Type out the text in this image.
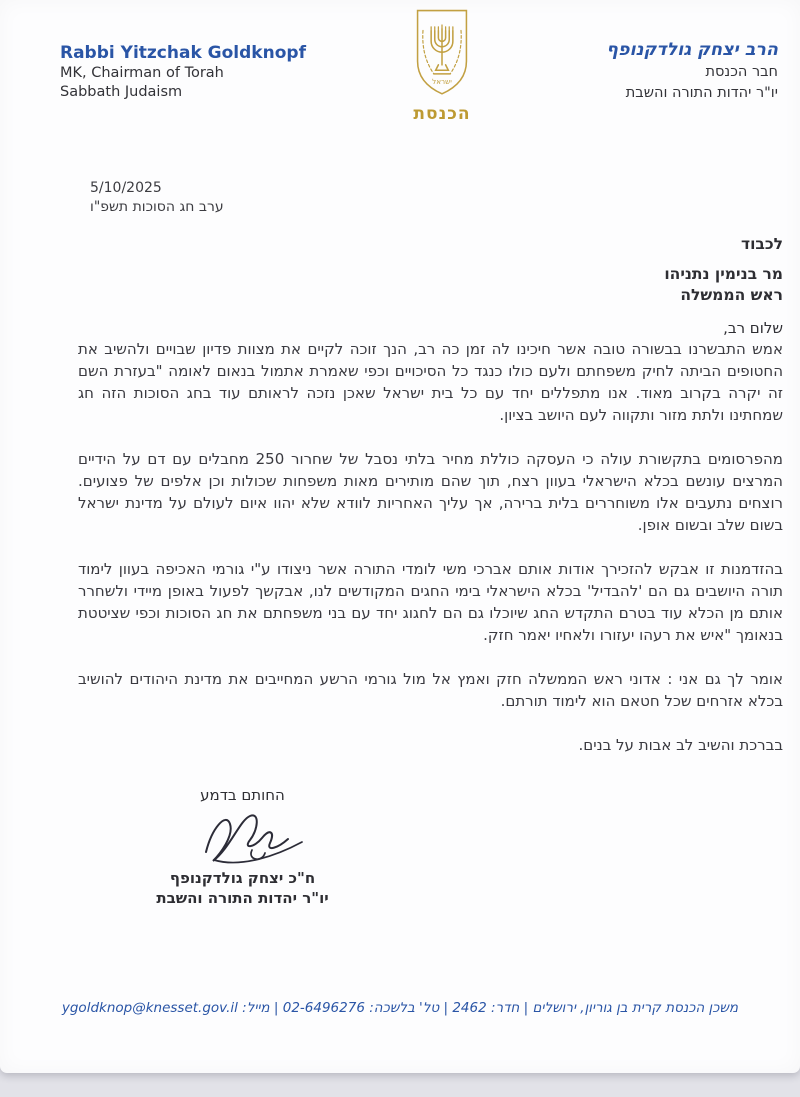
Rabbi Yitzchak Goldknopf
MK, Chairman of Torah
Sabbath Judaism
ישראל
הכנסת
הרב יצחק גולדקנופף
חבר הכנסת
יו"ר יהדות התורה והשבת
5/10/2025
ערב חג הסוכות תשפ"ו
לכבוד
מר בנימין נתניהו
ראש הממשלה
שלום רב,

אמש התבשרנו בבשורה טובה אשר חיכינו לה זמן כה רב, הנך זוכה לקיים את מצוות פדיון שבויים ולהשיב את החטופים הביתה לחיק משפחתם ולעם כולו כנגד כל הסיכויים וכפי שאמרת אתמול בנאום לאומה "בעזרת השם זה יקרה בקרוב מאוד. אנו מתפללים יחד עם כל בית ישראל שאכן נזכה לראותם עוד בחג הסוכות הזה חג שמחתינו ולתת מזור ותקווה לעם היושב בציון.

מהפרסומים בתקשורת עולה כי העסקה כוללת מחיר בלתי נסבל של שחרור 250 מחבלים עם דם על הידיים המרצים עונשם בכלא הישראלי בעוון רצח, תוך שהם מותירים מאות משפחות שכולות וכן אלפים של פצועים. רוצחים נתעבים אלו משוחררים בלית ברירה, אך עליך האחריות לוודא שלא יהוו איום לעולם על מדינת ישראל בשום שלב ובשום אופן.

בהזדמנות זו אבקש להזכירך אודות אותם אברכי משי לומדי התורה אשר ניצודו ע"י גורמי האכיפה בעוון לימוד תורה היושבים גם הם 'להבדיל' בכלא הישראלי בימי החגים המקודשים לנו, אבקשך לפעול באופן מיידי ולשחרר אותם מן הכלא עוד בטרם התקדש החג שיוכלו גם הם לחגוג יחד עם בני משפחתם את חג הסוכות וכפי שציטטת בנאומך "איש את רעהו יעזורו ולאחיו יאמר חזק.

אומר לך גם אני : אדוני ראש הממשלה חזק ואמץ אל מול גורמי הרשע המחייבים את מדינת היהודים להושיב בכלא אזרחים שכל חטאם הוא לימוד תורתם.

בברכת והשיב לב אבות על בנים.

החותם בדמע
ח"כ יצחק גולדקנופף
יו"ר יהדות התורה והשבת
משכן הכנסת קרית בן גוריון, ירושלים | חדר: 2462 | טל' בלשכה: 02-6496276 | מייל: ygoldknop@knesset.gov.il
